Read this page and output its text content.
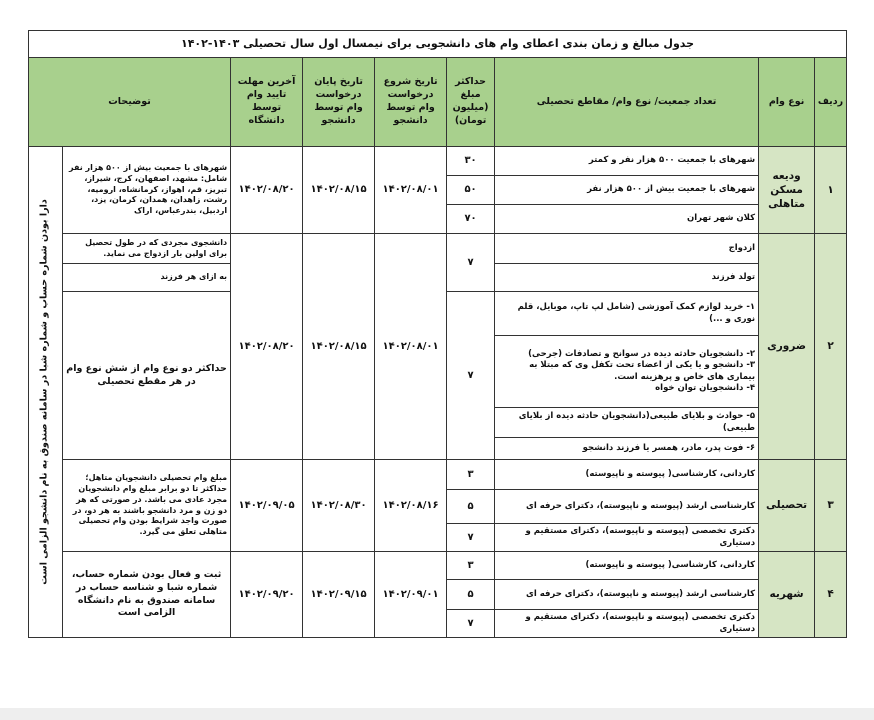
جدول مبالغ و زمان بندی اعطای وام های دانشجویی برای نیمسال اول سال تحصیلی ۱۴۰۳-۱۴۰۲								
ردیف	نوع وام	تعداد جمعیت/ نوع وام/ مقاطع تحصیلی	حداکثر مبلغ (میلیون تومان)	تاریخ شروع درخواست وام توسط دانشجو	تاریخ پایان درخواست وام توسط دانشجو	آخرین مهلت تایید وام توسط دانشگاه	توضیحات	
۱	ودیعه مسکن متاهلی	شهرهای با جمعیت ۵۰۰ هزار نفر و کمتر	۳۰	۱۴۰۲/۰۸/۰۱	۱۴۰۲/۰۸/۱۵	۱۴۰۲/۰۸/۲۰	شهرهای با جمعیت بیش از ۵۰۰ هزار نفر شامل: مشهد، اصفهان، کرج، شیراز، تبریز، قم، اهواز، کرمانشاه، ارومیه، رشت، زاهدان، همدان، کرمان، یزد، اردبیل، بندرعباس، اراک	دارا بودن شماره حساب و شماره شبا در سامانه صندوق به نام دانشجو الزامی است

		شهرهای با جمعیت بیش از ۵۰۰ هزار نفر	۵۰					
		کلان شهر تهران	۷۰					
۲	ضروری	ازدواج	۷	۱۴۰۲/۰۸/۰۱	۱۴۰۲/۰۸/۱۵	۱۴۰۲/۰۸/۲۰	دانشجوی مجردی که در طول تحصیل برای اولین بار ازدواج می نماید.	
		تولد فرزند					به ازای هر فرزند	
		۱- خرید لوازم کمک آموزشی (شامل لپ تاپ، موبایل، قلم نوری و ...)	۷				حداکثر دو نوع وام از شش نوع وام در هر مقطع تحصیلی	

		۲- دانشجویان حادثه دیده در سوانح و تصادفات (جرحی)
۳- دانشجو و یا یکی از اعضاء تحت تکفل وی که مبتلا به بیماری های خاص و پرهزینه است.
۴- دانشجویان توان خواه						

		۵- حوادث و بلایای طبیعی(دانشجویان حادثه دیده از بلایای طبیعی)						
		۶- فوت پدر، مادر، همسر یا فرزند دانشجو						
۳	تحصیلی	کاردانی، کارشناسی( پیوسته و ناپیوسته)	۳	۱۴۰۲/۰۸/۱۶	۱۴۰۲/۰۸/۳۰	۱۴۰۲/۰۹/۰۵	مبلغ وام تحصیلی دانشجویان متاهل؛ حداکثر تا دو برابر مبلغ وام دانشجویان مجرد عادی می باشد. در صورتی که هر دو زن و مرد دانشجو باشند به هر دو، در صورت واجد شرایط بودن وام تحصیلی متاهلی تعلق می گیرد.	
		کارشناسی ارشد (پیوسته و ناپیوسته)، دکترای حرفه ای	۵					
		دکتری تخصصی (پیوسته و ناپیوسته)، دکترای مستقیم و دستیاری	۷					
۴	شهریه	کاردانی، کارشناسی( پیوسته و ناپیوسته)	۳	۱۴۰۲/۰۹/۰۱	۱۴۰۲/۰۹/۱۵	۱۴۰۲/۰۹/۲۰	ثبت و فعال بودن شماره حساب، شماره شبا و شناسه حساب در سامانه صندوق به نام دانشگاه الزامی است	
		کارشناسی ارشد (پیوسته و ناپیوسته)، دکترای حرفه ای	۵					
		دکتری تخصصی (پیوسته و ناپیوسته)، دکترای مستقیم و دستیاری	۷					
